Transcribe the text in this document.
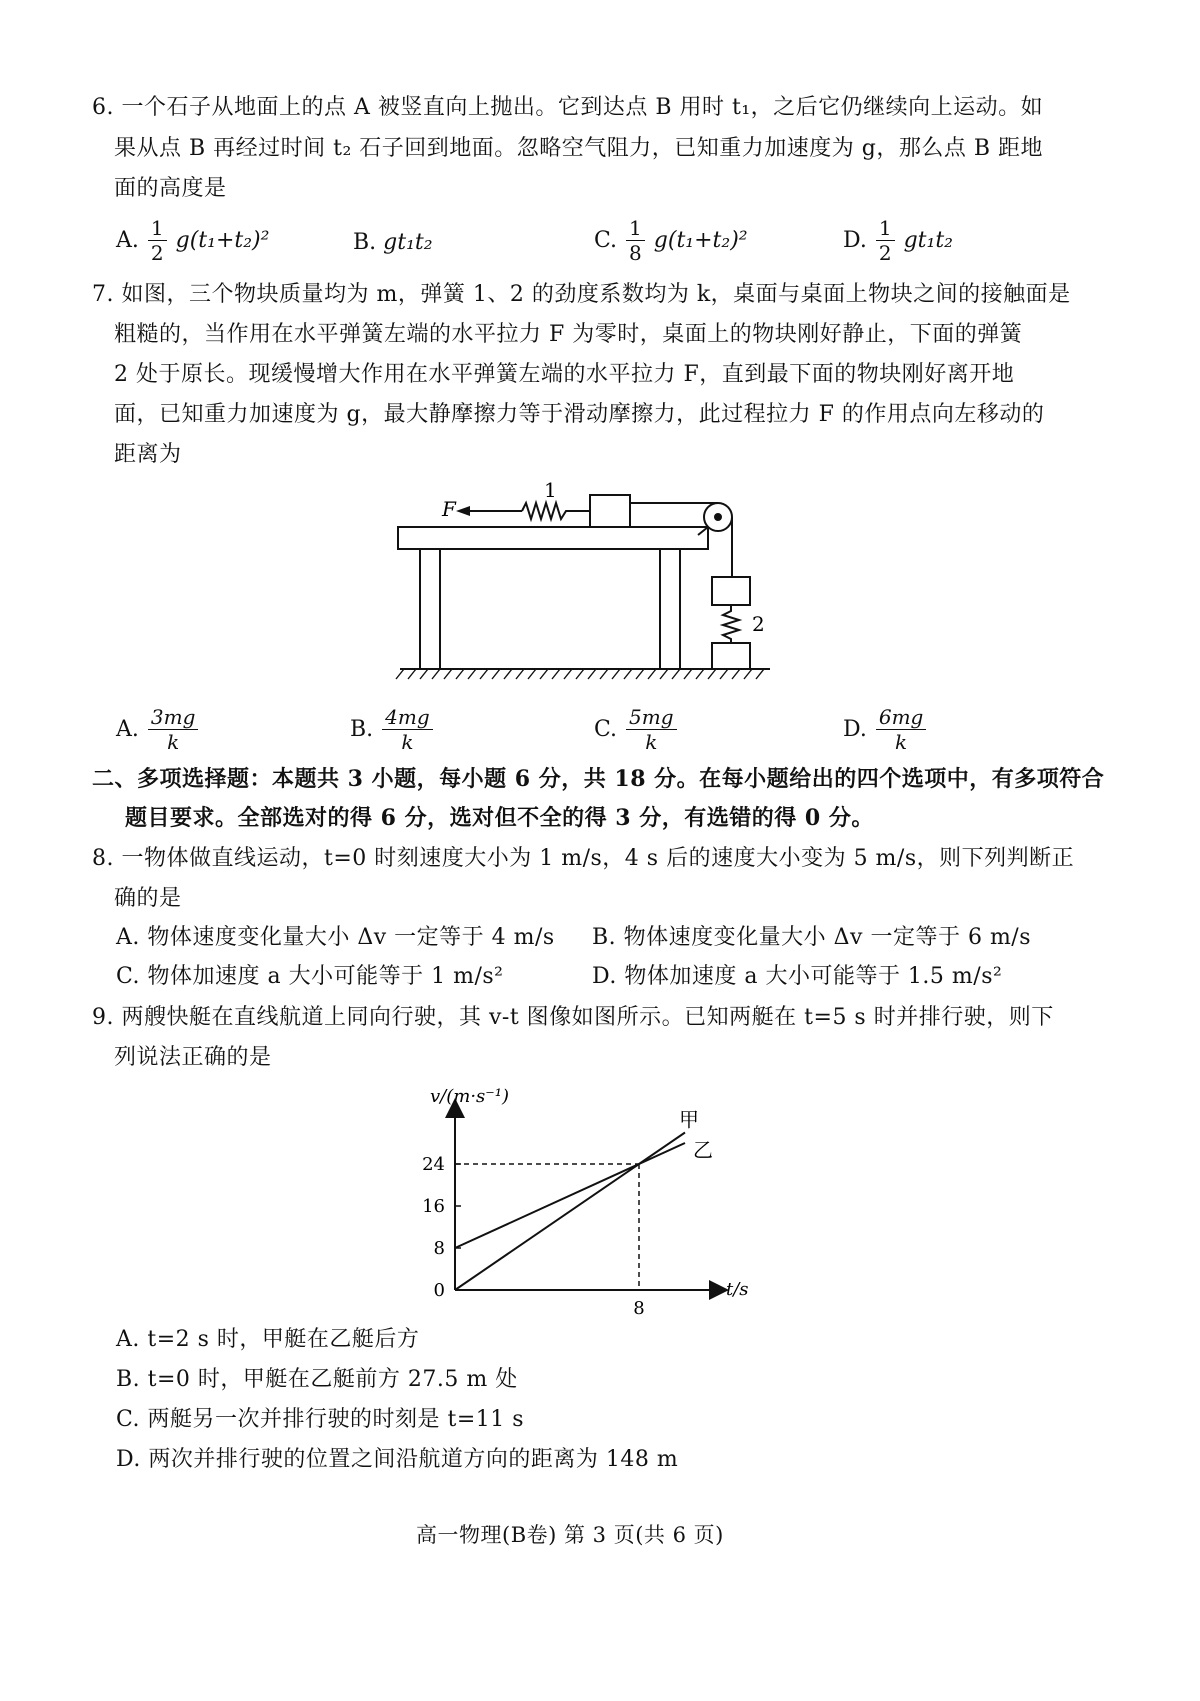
6. 一个石子从地面上的点 A 被竖直向上抛出。它到达点 B 用时 t₁，之后它仍继续向上运动。如
果从点 B 再经过时间 t₂ 石子回到地面。忽略空气阻力，已知重力加速度为 g，那么点 B 距地
面的高度是
A. $\frac{1}{2} g(t_1+t_2)^2$	B. gt₁t₂	C. $\frac{1}{8} g(t_1+t_2)^2$	D. $\frac{1}{2} gt_1t_2$
7. 如图，三个物块质量均为 m，弹簧 1、2 的劲度系数均为 k，桌面与桌面上物块之间的接触面是
粗糙的，当作用在水平弹簧左端的水平拉力 F 为零时，桌面上的物块刚好静止，下面的弹簧
2 处于原长。现缓慢增大作用在水平弹簧左端的水平拉力 F，直到最下面的物块刚好离开地
面，已知重力加速度为 g，最大静摩擦力等于滑动摩擦力，此过程拉力 F 的作用点向左移动的
距离为
F
1
2
A. $\frac{3mg}{k}$	B. $\frac{4mg}{k}$	C. $\frac{5mg}{k}$	D. $\frac{6mg}{k}$
二、多项选择题：本题共 3 小题，每小题 6 分，共 18 分。在每小题给出的四个选项中，有多项符合
题目要求。全部选对的得 6 分，选对但不全的得 3 分，有选错的得 0 分。
8. 一物体做直线运动，t=0 时刻速度大小为 1 m/s，4 s 后的速度大小变为 5 m/s，则下列判断正
确的是
A. 物体速度变化量大小 Δv 一定等于 4 m/s B. 物体速度变化量大小 Δv 一定等于 6 m/s
C. 物体加速度 a 大小可能等于 1 m/s²	D. 物体加速度 a 大小可能等于 1.5 m/s²
9. 两艘快艇在直线航道上同向行驶，其 v-t 图像如图所示。已知两艇在 t=5 s 时并排行驶，则下
列说法正确的是
v/(m·s⁻¹)
t/s
0
8
16
24
8
甲
乙
A. t=2 s 时，甲艇在乙艇后方
B. t=0 时，甲艇在乙艇前方 27.5 m 处
C. 两艇另一次并排行驶的时刻是 t=11 s
D. 两次并排行驶的位置之间沿航道方向的距离为 148 m
高一物理(B卷) 第 3 页(共 6 页)
